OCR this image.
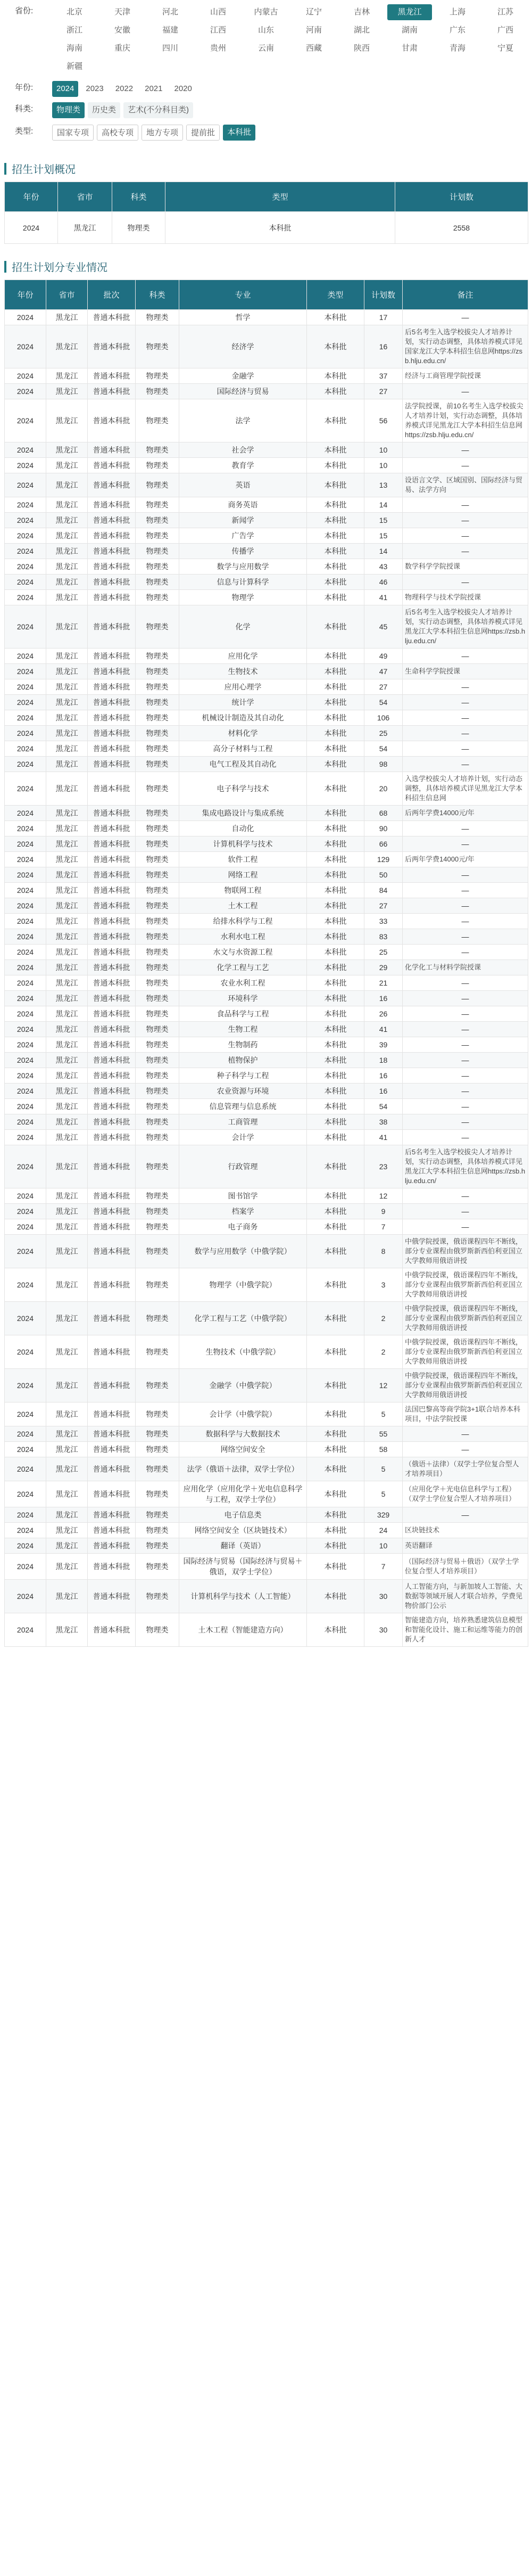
省份:	北京	天津	河北	山西	内蒙古	辽宁	吉林	黑龙江	上海	江苏
浙江	安徽	福建	江西	山东	河南	湖北	湖南	广东	广西
海南	重庆	四川	贵州	云南	西藏	陕西	甘肃	青海	宁夏
新疆
年份:	2024	2023	2022	2021	2020
科类:	物理类	历史类	艺术(不分科目类)
类型:	国家专项	高校专项	地方专项	提前批	本科批
招生计划概况
年份	省市	科类	类型	计划数
2024	黑龙江	物理类	本科批	2558
招生计划分专业情况
年份	省市	批次	科类	专业	类型	计划数	备注
2024	黑龙江	普通本科批	物理类	哲学	本科批	17	—
2024	黑龙江	普通本科批	物理类	经济学	本科批	16	后5名考生入选学校拔尖人才培养计划，实行动态调整，具体培养模式详见国家龙江大学本科招生信息网https://zsb.hlju.edu.cn/
2024	黑龙江	普通本科批	物理类	金融学	本科批	37	经济与工商管理学院授课
2024	黑龙江	普通本科批	物理类	国际经济与贸易	本科批	27	—
2024	黑龙江	普通本科批	物理类	法学	本科批	56	法学院授课，前10名考生入选学校拔尖人才培养计划，实行动态调整，具体培养模式详见黑龙江大学本科招生信息网https://zsb.hlju.edu.cn/
2024	黑龙江	普通本科批	物理类	社会学	本科批	10	—
2024	黑龙江	普通本科批	物理类	教育学	本科批	10	—
2024	黑龙江	普通本科批	物理类	英语	本科批	13	设语言文学、区域国别、国际经济与贸易、法学方向
2024	黑龙江	普通本科批	物理类	商务英语	本科批	14	—
2024	黑龙江	普通本科批	物理类	新闻学	本科批	15	—
2024	黑龙江	普通本科批	物理类	广告学	本科批	15	—
2024	黑龙江	普通本科批	物理类	传播学	本科批	14	—
2024	黑龙江	普通本科批	物理类	数学与应用数学	本科批	43	数学科学学院授课
2024	黑龙江	普通本科批	物理类	信息与计算科学	本科批	46	—
2024	黑龙江	普通本科批	物理类	物理学	本科批	41	物理科学与技术学院授课
2024	黑龙江	普通本科批	物理类	化学	本科批	45	后5名考生入选学校拔尖人才培养计划，实行动态调整，具体培养模式详见黑龙江大学本科招生信息网https://zsb.hlju.edu.cn/
2024	黑龙江	普通本科批	物理类	应用化学	本科批	49	—
2024	黑龙江	普通本科批	物理类	生物技术	本科批	47	生命科学学院授课
2024	黑龙江	普通本科批	物理类	应用心理学	本科批	27	—
2024	黑龙江	普通本科批	物理类	统计学	本科批	54	—
2024	黑龙江	普通本科批	物理类	机械设计制造及其自动化	本科批	106	—
2024	黑龙江	普通本科批	物理类	材料化学	本科批	25	—
2024	黑龙江	普通本科批	物理类	高分子材料与工程	本科批	54	—
2024	黑龙江	普通本科批	物理类	电气工程及其自动化	本科批	98	—
2024	黑龙江	普通本科批	物理类	电子科学与技术	本科批	20	入选学校拔尖人才培养计划，实行动态调整，具体培养模式详见黑龙江大学本科招生信息网
2024	黑龙江	普通本科批	物理类	集成电路设计与集成系统	本科批	68	后两年学费14000元/年
2024	黑龙江	普通本科批	物理类	自动化	本科批	90	—
2024	黑龙江	普通本科批	物理类	计算机科学与技术	本科批	66	—
2024	黑龙江	普通本科批	物理类	软件工程	本科批	129	后两年学费14000元/年
2024	黑龙江	普通本科批	物理类	网络工程	本科批	50	—
2024	黑龙江	普通本科批	物理类	物联网工程	本科批	84	—
2024	黑龙江	普通本科批	物理类	土木工程	本科批	27	—
2024	黑龙江	普通本科批	物理类	给排水科学与工程	本科批	33	—
2024	黑龙江	普通本科批	物理类	水利水电工程	本科批	83	—
2024	黑龙江	普通本科批	物理类	水文与水资源工程	本科批	25	—
2024	黑龙江	普通本科批	物理类	化学工程与工艺	本科批	29	化学化工与材料学院授课
2024	黑龙江	普通本科批	物理类	农业水利工程	本科批	21	—
2024	黑龙江	普通本科批	物理类	环境科学	本科批	16	—
2024	黑龙江	普通本科批	物理类	食品科学与工程	本科批	26	—
2024	黑龙江	普通本科批	物理类	生物工程	本科批	41	—
2024	黑龙江	普通本科批	物理类	生物制药	本科批	39	—
2024	黑龙江	普通本科批	物理类	植物保护	本科批	18	—
2024	黑龙江	普通本科批	物理类	种子科学与工程	本科批	16	—
2024	黑龙江	普通本科批	物理类	农业资源与环境	本科批	16	—
2024	黑龙江	普通本科批	物理类	信息管理与信息系统	本科批	54	—
2024	黑龙江	普通本科批	物理类	工商管理	本科批	38	—
2024	黑龙江	普通本科批	物理类	会计学	本科批	41	—
2024	黑龙江	普通本科批	物理类	行政管理	本科批	23	后5名考生入选学校拔尖人才培养计划，实行动态调整，具体培养模式详见黑龙江大学本科招生信息网https://zsb.hlju.edu.cn/
2024	黑龙江	普通本科批	物理类	图书馆学	本科批	12	—
2024	黑龙江	普通本科批	物理类	档案学	本科批	9	—
2024	黑龙江	普通本科批	物理类	电子商务	本科批	7	—
2024	黑龙江	普通本科批	物理类	数学与应用数学（中俄学院）	本科批	8	中俄学院授课，俄语课程四年不断线，部分专业课程由俄罗斯新西伯利亚国立大学教师用俄语讲授
2024	黑龙江	普通本科批	物理类	物理学（中俄学院）	本科批	3	中俄学院授课，俄语课程四年不断线，部分专业课程由俄罗斯新西伯利亚国立大学教师用俄语讲授
2024	黑龙江	普通本科批	物理类	化学工程与工艺（中俄学院）	本科批	2	中俄学院授课，俄语课程四年不断线，部分专业课程由俄罗斯新西伯利亚国立大学教师用俄语讲授
2024	黑龙江	普通本科批	物理类	生物技术（中俄学院）	本科批	2	中俄学院授课，俄语课程四年不断线，部分专业课程由俄罗斯新西伯利亚国立大学教师用俄语讲授
2024	黑龙江	普通本科批	物理类	金融学（中俄学院）	本科批	12	中俄学院授课，俄语课程四年不断线，部分专业课程由俄罗斯新西伯利亚国立大学教师用俄语讲授
2024	黑龙江	普通本科批	物理类	会计学（中俄学院）	本科批	5	法国巴黎高等商学院3+1联合培养本科项目，中法学院授课
2024	黑龙江	普通本科批	物理类	数据科学与大数据技术	本科批	55	—
2024	黑龙江	普通本科批	物理类	网络空间安全	本科批	58	—
2024	黑龙江	普通本科批	物理类	法学（俄语＋法律，双学士学位）	本科批	5	（俄语＋法律）（双学士学位复合型人才培养项目）
2024	黑龙江	普通本科批	物理类	应用化学（应用化学＋光电信息科学与工程，双学士学位）	本科批	5	（应用化学＋光电信息科学与工程）（双学士学位复合型人才培养项目）
2024	黑龙江	普通本科批	物理类	电子信息类	本科批	329	—
2024	黑龙江	普通本科批	物理类	网络空间安全（区块链技术）	本科批	24	区块链技术
2024	黑龙江	普通本科批	物理类	翻译（英语）	本科批	10	英语翻译
2024	黑龙江	普通本科批	物理类	国际经济与贸易（国际经济与贸易＋俄语，双学士学位）	本科批	7	（国际经济与贸易＋俄语）（双学士学位复合型人才培养项目）
2024	黑龙江	普通本科批	物理类	计算机科学与技术（人工智能）	本科批	30	人工智能方向，与新加坡人工智能、大数据等领域开展人才联合培养，学费见物价部门公示
2024	黑龙江	普通本科批	物理类	土木工程（智能建造方向）	本科批	30	智能建造方向，培养熟悉建筑信息模型和智能化设计、施工和运维等能力的创新人才
